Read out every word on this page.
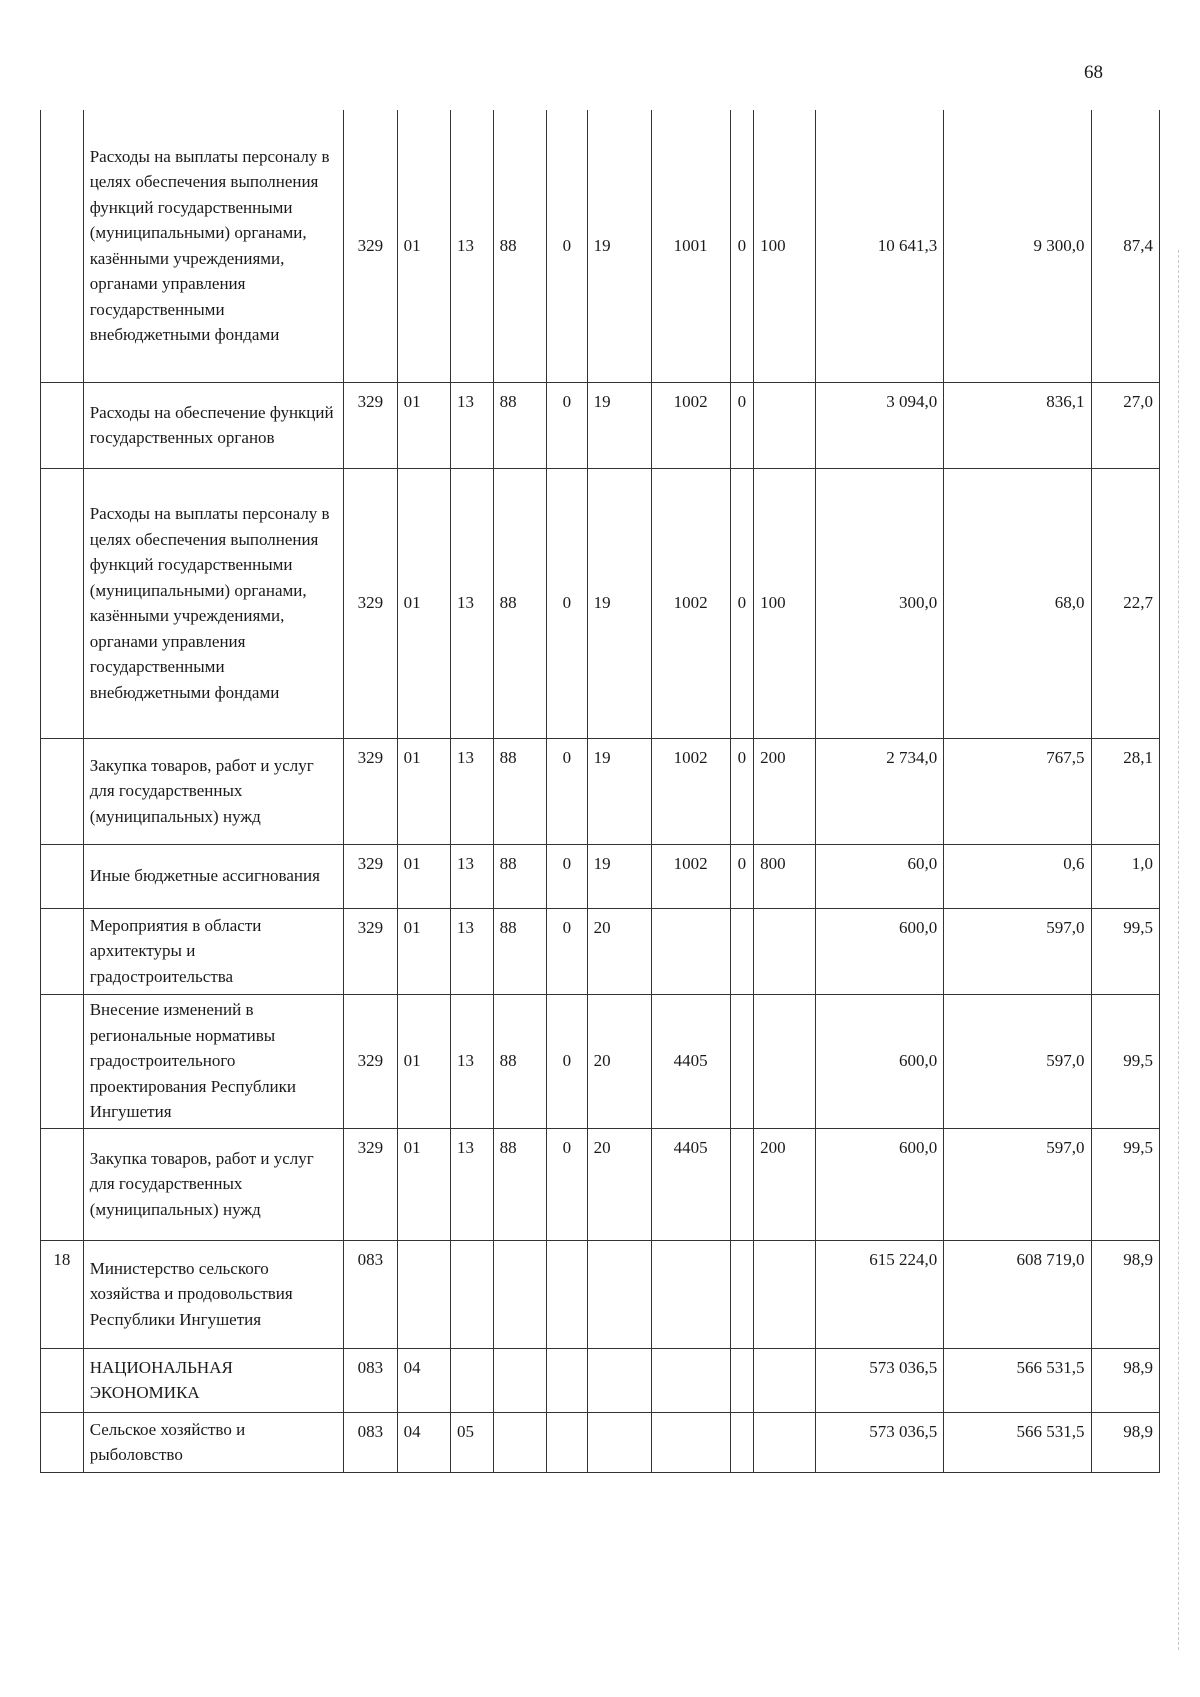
68
	Расходы на выплаты персоналу в целях обеспечения выполнения функций государственными (муниципальными) органами, казёнными учреждениями, органами управления государственными внебюджетными фондами	329	01	13	88	0	19	1001	0	100	10 641,3	9 300,0	87,4
	Расходы на обеспечение функций государственных органов	329	01	13	88	0	19	1002	0		3 094,0	836,1	27,0
	Расходы на выплаты персоналу в целях обеспечения выполнения функций государственными (муниципальными) органами, казёнными учреждениями, органами управления государственными внебюджетными фондами	329	01	13	88	0	19	1002	0	100	300,0	68,0	22,7
	Закупка товаров, работ и услуг для государственных (муниципальных) нужд	329	01	13	88	0	19	1002	0	200	2 734,0	767,5	28,1
	Иные бюджетные ассигнования	329	01	13	88	0	19	1002	0	800	60,0	0,6	1,0
	Мероприятия в области архитектуры и градостроительства	329	01	13	88	0	20				600,0	597,0	99,5
	Внесение изменений в региональные нормативы градостроительного проектирования Республики Ингушетия	329	01	13	88	0	20	4405			600,0	597,0	99,5
	Закупка товаров, работ и услуг для государственных (муниципальных) нужд	329	01	13	88	0	20	4405		200	600,0	597,0	99,5
18	Министерство сельского хозяйства и продовольствия Республики Ингушетия	083									615 224,0	608 719,0	98,9
	НАЦИОНАЛЬНАЯ ЭКОНОМИКА	083	04								573 036,5	566 531,5	98,9
	Сельское хозяйство и рыболовство	083	04	05							573 036,5	566 531,5	98,9
